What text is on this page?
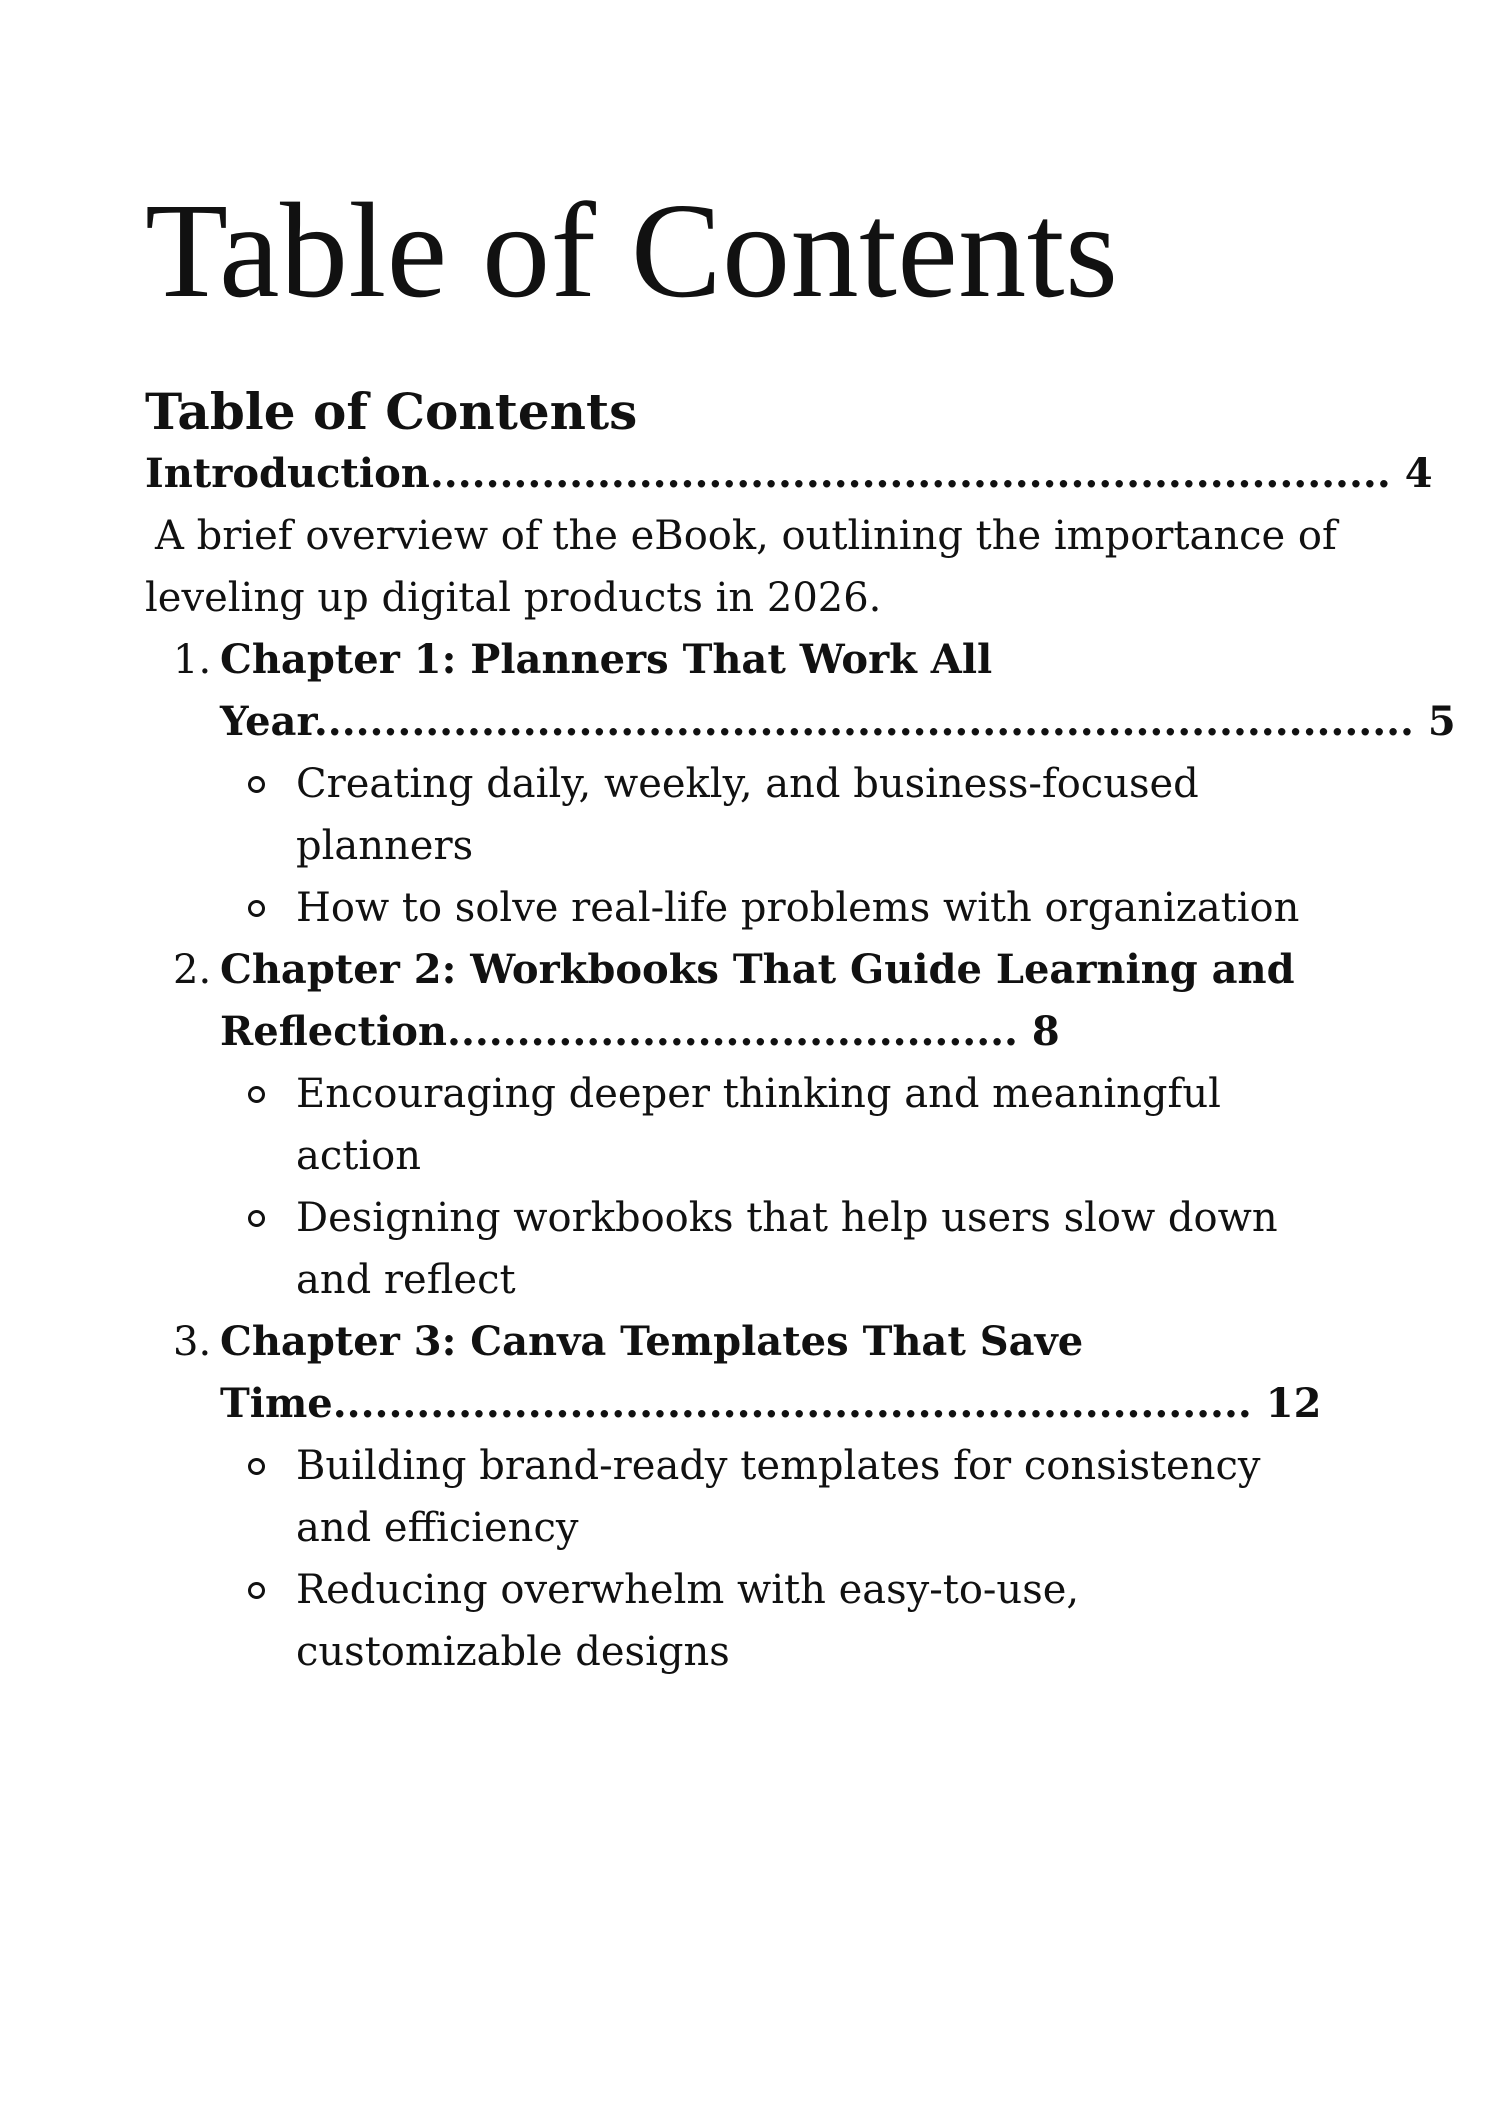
Table of Contents
Table of Contents

Introduction..................................................................... 4

A brief overview of the eBook, outlining the importance of
leveling up digital products in 2026.

1. Chapter 1: Planners That Work All
Year............................................................................... 5

Creating daily, weekly, and business-focused
planners
How to solve real-life problems with organization
2. Chapter 2: Workbooks That Guide Learning and
Reflection......................................... 8

Encouraging deeper thinking and meaningful
action
Designing workbooks that help users slow down
and reflect
3. Chapter 3: Canva Templates That Save
Time.................................................................. 12

Building brand-ready templates for consistency
and efficiency
Reducing overwhelm with easy-to-use,
customizable designs
